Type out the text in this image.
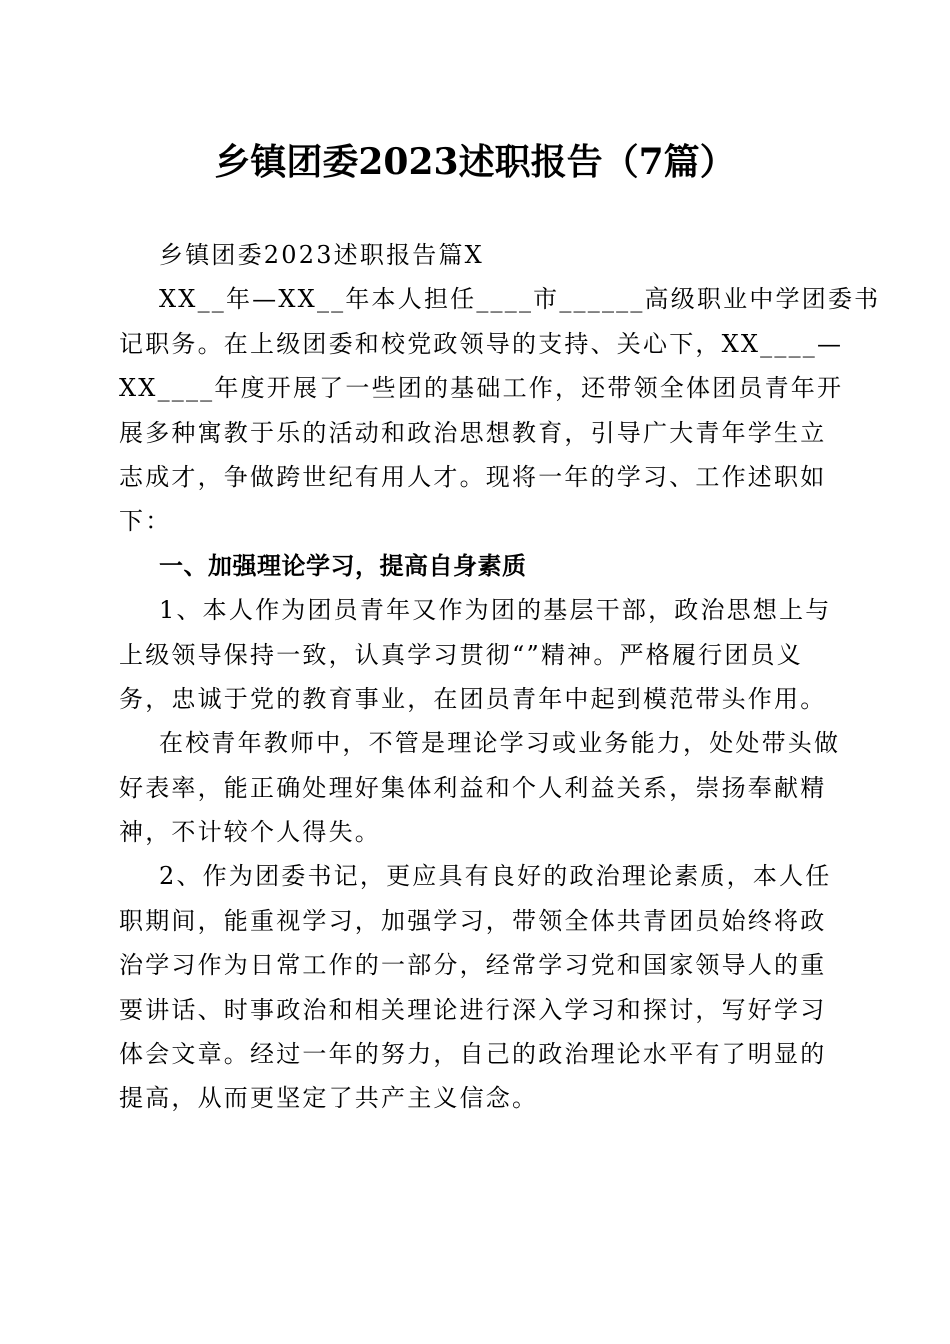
乡镇团委2023述职报告（7篇）
乡镇团委2023述职报告篇X
XX__年—XX__年本人担任____市______高级职业中学团委书
记职务。在上级团委和校党政领导的支持、关心下，XX____—
XX____年度开展了一些团的基础工作，还带领全体团员青年开
展多种寓教于乐的活动和政治思想教育，引导广大青年学生立
志成才，争做跨世纪有用人才。现将一年的学习、工作述职如
下：
一、加强理论学习，提高自身素质
1、本人作为团员青年又作为团的基层干部，政治思想上与
上级领导保持一致，认真学习贯彻“”精神。严格履行团员义
务，忠诚于党的教育事业，在团员青年中起到模范带头作用。
在校青年教师中，不管是理论学习或业务能力，处处带头做
好表率，能正确处理好集体利益和个人利益关系，崇扬奉献精
神，不计较个人得失。
2、作为团委书记，更应具有良好的政治理论素质，本人任
职期间，能重视学习，加强学习，带领全体共青团员始终将政
治学习作为日常工作的一部分，经常学习党和国家领导人的重
要讲话、时事政治和相关理论进行深入学习和探讨，写好学习
体会文章。经过一年的努力，自己的政治理论水平有了明显的
提高，从而更坚定了共产主义信念。
